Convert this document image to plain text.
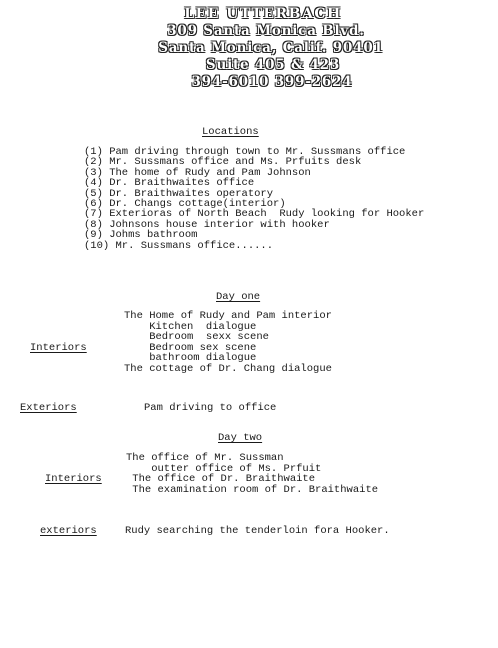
LEE UTTERBACH
309 Santa Monica Blvd.
Santa Monica, Calif. 90401
Suite 405 & 423
394-6010 399-2624
Locations
(1) Pam driving through town to Mr. Sussmans office
(2) Mr. Sussmans office and Ms. Prfuits desk
(3) The home of Rudy and Pam Johnson
(4) Dr. Braithwaites office
(5) Dr. Braithwaites operatory
(6) Dr. Changs cottage(interior)
(7) Exterioras of North Beach  Rudy looking for Hooker
(8) Johnsons house interior with hooker
(9) Johms bathroom
(10) Mr. Sussmans office......
Day one
Interiors
The Home of Rudy and Pam interior
Kitchen  dialogue
Bedroom  sexx scene
Bedroom sex scene
bathroom dialogue
The cottage of Dr. Chang dialogue
Exteriors	Pam driving to office
Day two
Interiors
The office of Mr. Sussman
outter office of Ms. Prfuit
The office of Dr. Braithwaite
The examination room of Dr. Braithwaite
exteriors	Rudy searching the tenderloin fora Hooker.
